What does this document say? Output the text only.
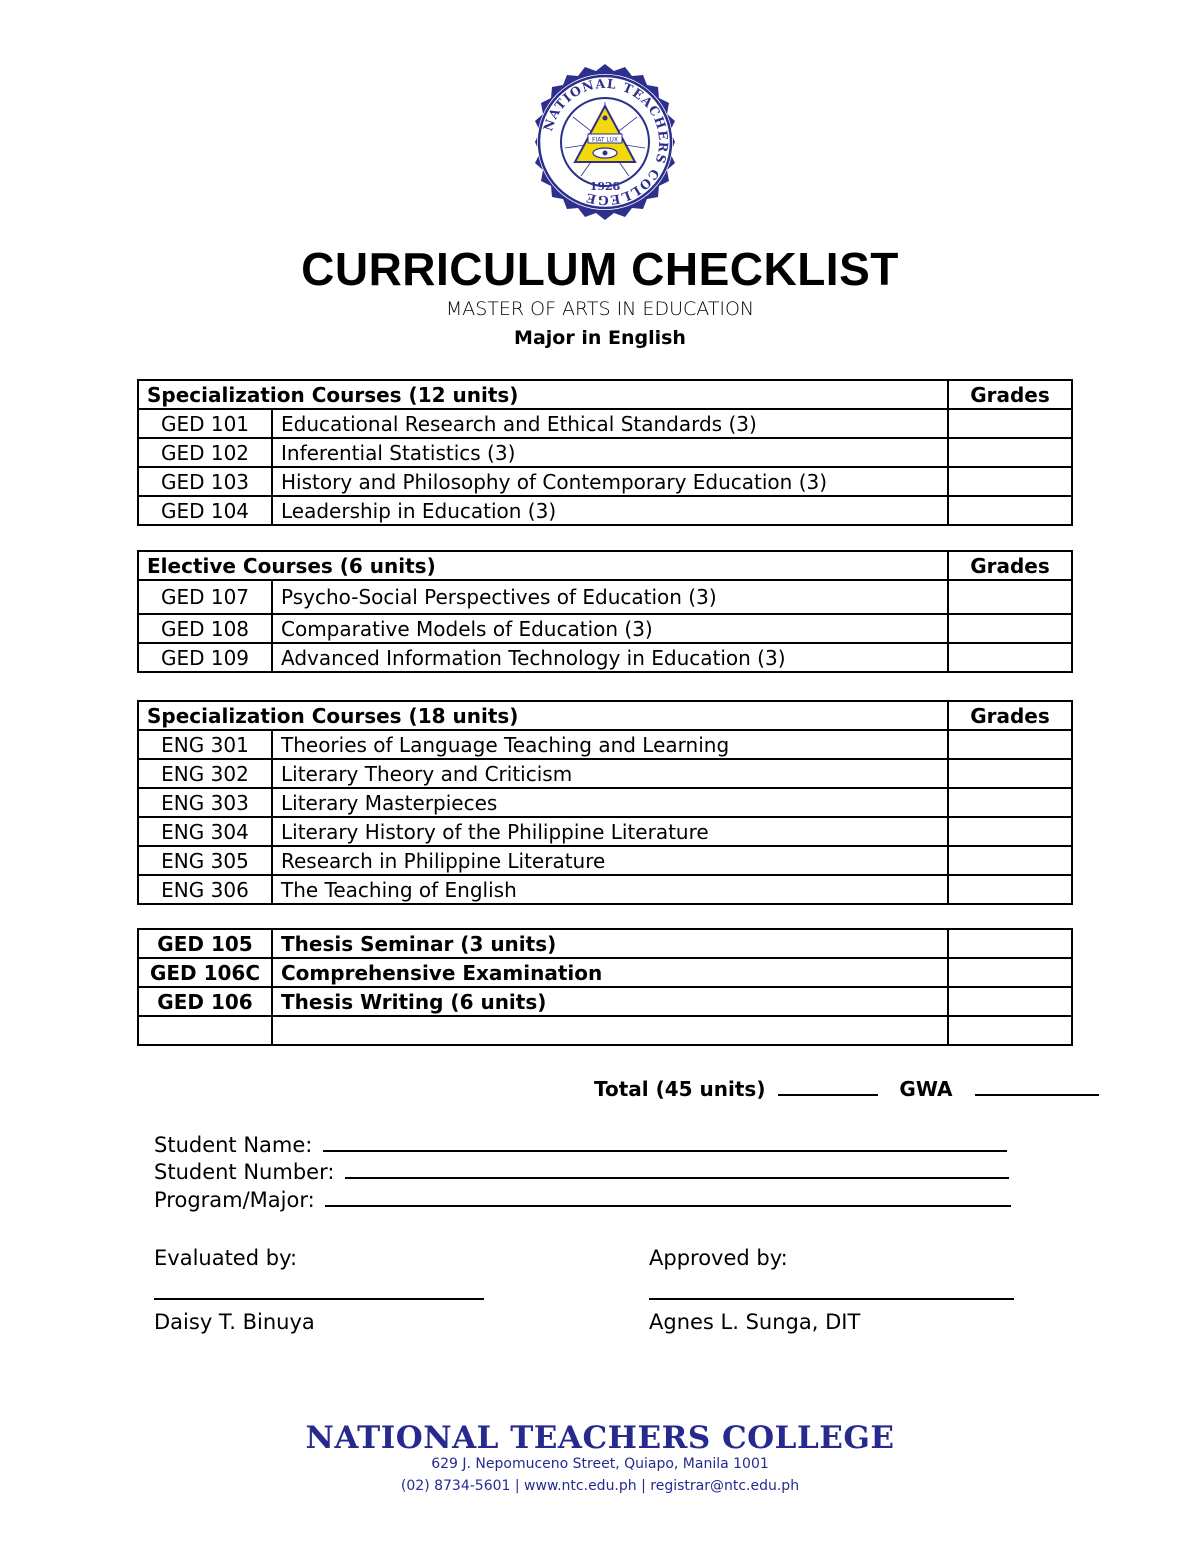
NATIONAL TEACHERS COLLEGE
1928
FIAT LUX
CURRICULUM CHECKLIST
MASTER OF ARTS IN EDUCATION
Major in English
Specialization Courses (12 units)		Grades
GED 101	Educational Research and Ethical Standards (3)	
GED 102	Inferential Statistics (3)	
GED 103	History and Philosophy of Contemporary Education (3)	
GED 104	Leadership in Education (3)	
Elective Courses (6 units)		Grades
GED 107	Psycho-Social Perspectives of Education (3)	
GED 108	Comparative Models of Education (3)	
GED 109	Advanced Information Technology in Education (3)	
Specialization Courses (18 units)		Grades
ENG 301	Theories of Language Teaching and Learning	
ENG 302	Literary Theory and Criticism	
ENG 303	Literary Masterpieces	
ENG 304	Literary History of the Philippine Literature	
ENG 305	Research in Philippine Literature	
ENG 306	The Teaching of English	
GED 105	Thesis Seminar (3 units)	
GED 106C	Comprehensive Examination	
GED 106	Thesis Writing (6 units)	

Total (45 units)	GWA
Student Name:
Student Number:
Program/Major:
Evaluated by:
Daisy T. Binuya
Approved by:
Agnes L. Sunga, DIT
NATIONAL TEACHERS COLLEGE
629 J. Nepomuceno Street, Quiapo, Manila 1001
(02) 8734-5601 | www.ntc.edu.ph | registrar@ntc.edu.ph
